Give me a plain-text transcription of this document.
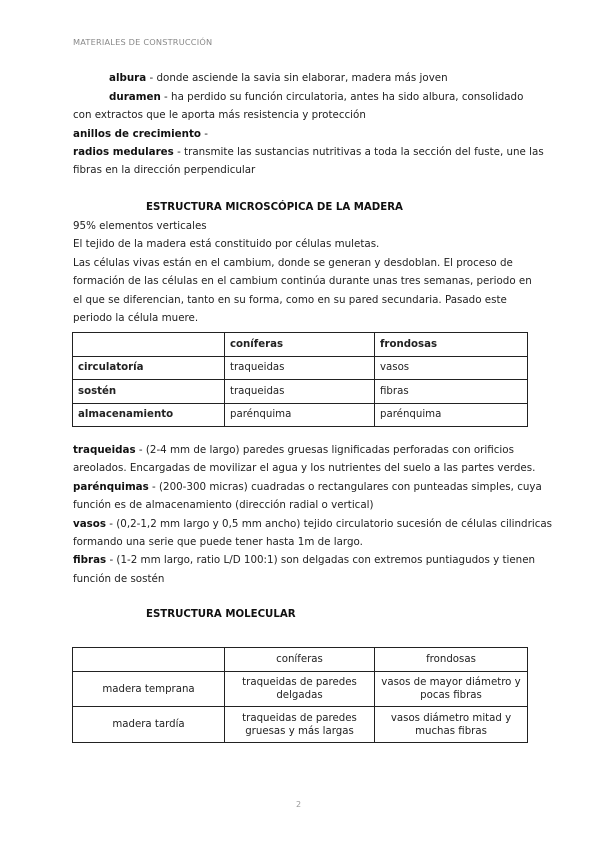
MATERIALES DE CONSTRUCCIÓN
albura - donde asciende la savia sin elaborar, madera más joven
duramen - ha perdido su función circulatoria, antes ha sido albura, consolidado
con extractos que le aporta más resistencia y protección
anillos de crecimiento -
radios medulares - transmite las sustancias nutritivas a toda la sección del fuste, une las
fibras en la dirección perpendicular
ESTRUCTURA MICROSCÓPICA DE LA MADERA
95% elementos verticales
El tejido de la madera está constituido por células muletas.
Las células vivas están en el cambium, donde se generan y desdoblan. El proceso de
formación de las células en el cambium continúa durante unas tres semanas, periodo en
el que se diferencian, tanto en su forma, como en su pared secundaria. Pasado este
periodo la célula muere.
	coníferas	frondosas
circulatoría	traqueidas	vasos
sostén	traqueidas	fibras
almacenamiento	parénquima	parénquima
traqueidas - (2-4 mm de largo) paredes gruesas lignificadas perforadas con orificios
areolados. Encargadas de movilizar el agua y los nutrientes del suelo a las partes verdes.
parénquimas - (200-300 micras) cuadradas o rectangulares con punteadas simples, cuya
función es de almacenamiento (dirección radial o vertical)
vasos - (0,2-1,2 mm largo y 0,5 mm ancho) tejido circulatorio sucesión de células cilindricas
formando una serie que puede tener hasta 1m de largo.
fibras - (1-2 mm largo, ratio L/D 100:1) son delgadas con extremos puntiagudos y tienen
función de sostén
ESTRUCTURA MOLECULAR
	coníferas	frondosas
madera temprana	traqueidas de paredes delgadas	vasos de mayor diámetro y pocas fibras
madera tardía	traqueidas de paredes gruesas y más largas	vasos diámetro mitad y muchas fibras
2
